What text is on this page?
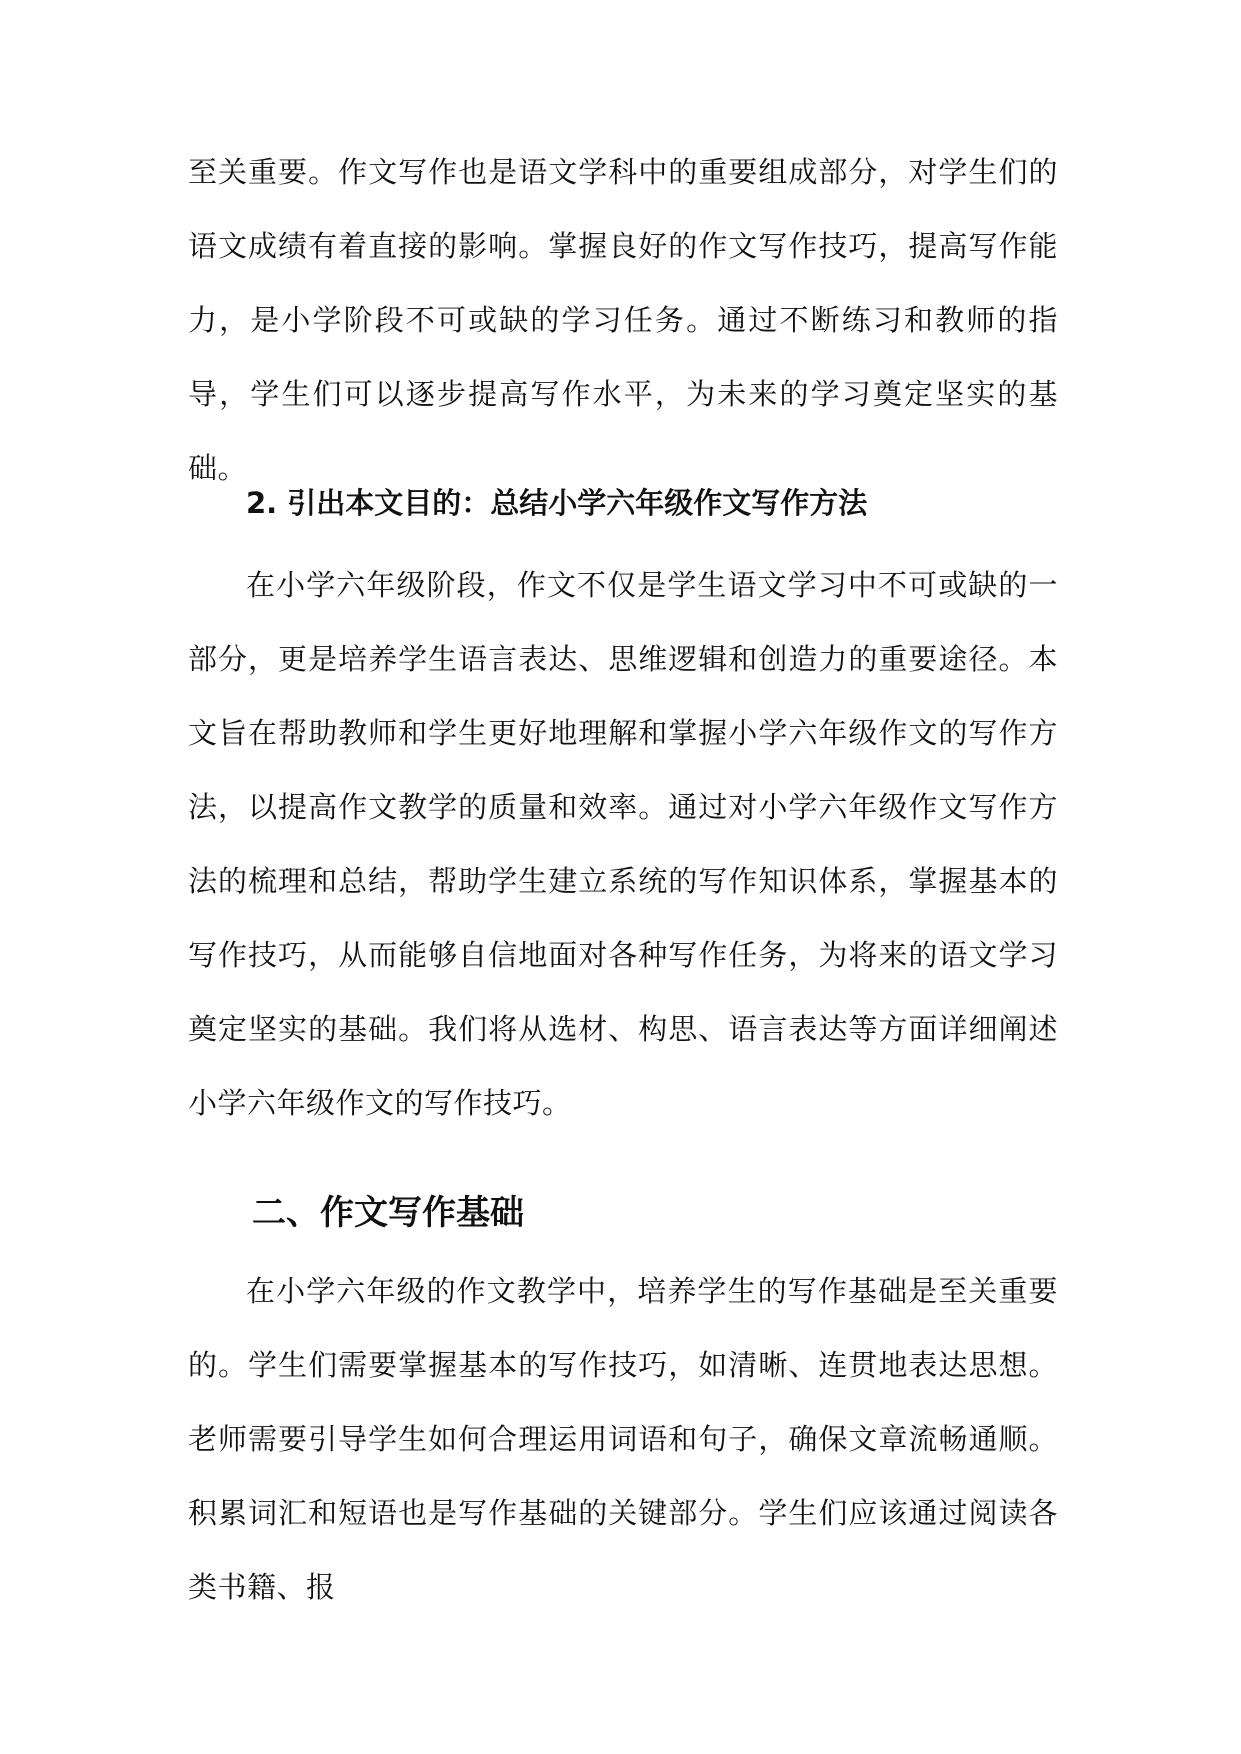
至关重要。作文写作也是语文学科中的重要组成部分，对学生们的语文成绩有着直接的影响。掌握良好的作文写作技巧，提高写作能力，是小学阶段不可或缺的学习任务。通过不断练习和教师的指导，学生们可以逐步提高写作水平，为未来的学习奠定坚实的基础。

2. 引出本文目的：总结小学六年级作文写作方法

在小学六年级阶段，作文不仅是学生语文学习中不可或缺的一部分，更是培养学生语言表达、思维逻辑和创造力的重要途径。本文旨在帮助教师和学生更好地理解和掌握小学六年级作文的写作方法，以提高作文教学的质量和效率。通过对小学六年级作文写作方法的梳理和总结，帮助学生建立系统的写作知识体系，掌握基本的写作技巧，从而能够自信地面对各种写作任务，为将来的语文学习奠定坚实的基础。我们将从选材、构思、语言表达等方面详细阐述小学六年级作文的写作技巧。

二、作文写作基础

在小学六年级的作文教学中，培养学生的写作基础是至关重要的。学生们需要掌握基本的写作技巧，如清晰、连贯地表达思想。老师需要引导学生如何合理运用词语和句子，确保文章流畅通顺。积累词汇和短语也是写作基础的关键部分。学生们应该通过阅读各类书籍、报
